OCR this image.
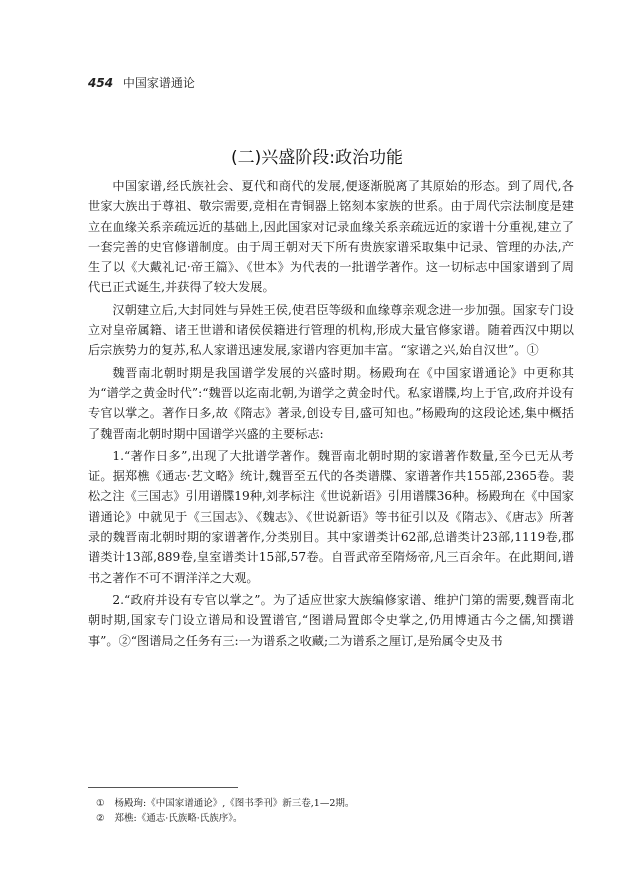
454 中国家谱通论
(二)兴盛阶段:政治功能

中国家谱,经氏族社会、夏代和商代的发展,便逐渐脱离了其原始的形态。到了周代,各世家大族出于尊祖、敬宗需要,竞相在青铜器上铭刻本家族的世系。由于周代宗法制度是建立在血缘关系亲疏远近的基础上,因此国家对记录血缘关系亲疏远近的家谱十分重视,建立了一套完善的史官修谱制度。由于周王朝对天下所有贵族家谱采取集中记录、管理的办法,产生了以《大戴礼记·帝王篇》、《世本》为代表的一批谱学著作。这一切标志中国家谱到了周代已正式诞生,并获得了较大发展。

汉朝建立后,大封同姓与异姓王侯,使君臣等级和血缘尊亲观念进一步加强。国家专门设立对皇帝属籍、诸王世谱和诸侯侯籍进行管理的机构,形成大量官修家谱。随着西汉中期以后宗族势力的复苏,私人家谱迅速发展,家谱内容更加丰富。“家谱之兴,始自汉世”。①

魏晋南北朝时期是我国谱学发展的兴盛时期。杨殿珣在《中国家谱通论》中更称其为“谱学之黄金时代”:“魏晋以迄南北朝,为谱学之黄金时代。私家谱牒,均上于官,政府并设有专官以掌之。著作日多,故《隋志》著录,创设专目,盛可知也。”杨殿珣的这段论述,集中概括了魏晋南北朝时期中国谱学兴盛的主要标志:

1.“著作日多”,出现了大批谱学著作。魏晋南北朝时期的家谱著作数量,至今已无从考证。据郑樵《通志·艺文略》统计,魏晋至五代的各类谱牒、家谱著作共155部,2365卷。裴松之注《三国志》引用谱牒19种,刘孝标注《世说新语》引用谱牒36种。杨殿珣在《中国家谱通论》中就见于《三国志》、《魏志》、《世说新语》等书征引以及《隋志》、《唐志》所著录的魏晋南北朝时期的家谱著作,分类别目。其中家谱类计62部,总谱类计23部,1119卷,郡谱类计13部,889卷,皇室谱类计15部,57卷。自晋武帝至隋炀帝,凡三百余年。在此期间,谱书之著作不可不谓洋洋之大观。

2.“政府并设有专官以掌之”。为了适应世家大族编修家谱、维护门第的需要,魏晋南北朝时期,国家专门设立谱局和设置谱官,“图谱局置郎令史掌之,仍用博通古今之儒,知撰谱事”。②“图谱局之任务有三:一为谱系之收藏;二为谱系之厘订,是殆属令史及书

① 杨殿珣:《中国家谱通论》,《图书季刊》新三卷,1—2期。
② 郑樵:《通志·氏族略·氏族序》。
